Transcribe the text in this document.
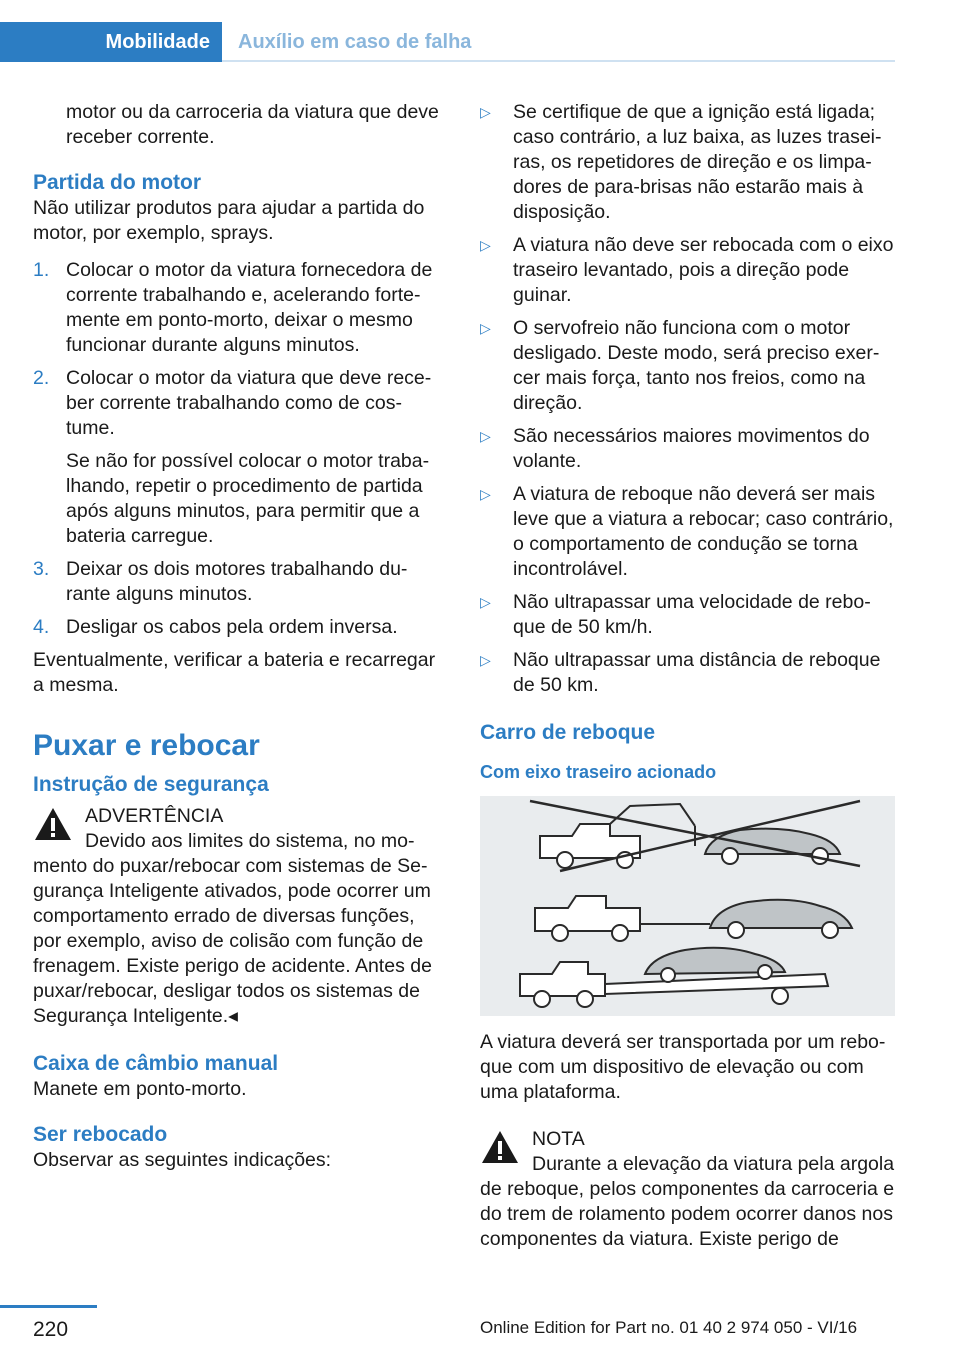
Mobilidade	Auxílio em caso de falha

motor ou da carroceria da viatura que deve receber corrente.

Partida do motor

Não utilizar produtos para ajudar a partida do motor, por exemplo, sprays.

1. Colocar o motor da viatura fornecedora de corrente trabalhando e, acelerando forte-mente em ponto-morto, deixar o mesmo funcionar durante alguns minutos.
2. Colocar o motor da viatura que deve rece-ber corrente trabalhando como de cos-tume.

Se não for possível colocar o motor traba-lhando, repetir o procedimento de partida após alguns minutos, para permitir que a bateria carregue.

3. Deixar os dois motores trabalhando du-rante alguns minutos.
4. Desligar os cabos pela ordem inversa.

Eventualmente, verificar a bateria e recarregar a mesma.

Puxar e rebocar
Instrução de segurança
ADVERTÊNCIA
Devido aos limites do sistema, no mo-

mento do puxar/rebocar com sistemas de Se-gurança Inteligente ativados, pode ocorrer um comportamento errado de diversas funções, por exemplo, aviso de colisão com função de frenagem. Existe perigo de acidente. Antes de puxar/rebocar, desligar todos os sistemas de Segurança Inteligente.◂

Caixa de câmbio manual

Manete em ponto-morto.

Ser rebocado

Observar as seguintes indicações:

▷	Se certifique de que a ignição está ligada; caso contrário, a luz baixa, as luzes trasei-ras, os repetidores de direção e os limpa-dores de para-brisas não estarão mais à disposição.
▷	A viatura não deve ser rebocada com o eixo traseiro levantado, pois a direção pode guinar.
▷	O servofreio não funciona com o motor desligado. Deste modo, será preciso exer-cer mais força, tanto nos freios, como na direção.
▷	São necessários maiores movimentos do volante.
▷	A viatura de reboque não deverá ser mais leve que a viatura a rebocar; caso contrário, o comportamento de condução se torna incontrolável.
▷	Não ultrapassar uma velocidade de rebo-que de 50 km/h.
▷	Não ultrapassar uma distância de reboque de 50 km.
Carro de reboque
Com eixo traseiro acionado

A viatura deverá ser transportada por um rebo-que com um dispositivo de elevação ou com uma plataforma.

NOTA
Durante a elevação da viatura pela argola

de reboque, pelos componentes da carroceria e do trem de rolamento podem ocorrer danos nos componentes da viatura. Existe perigo de

220	Online Edition for Part no. 01 40 2 974 050 - VI/16
